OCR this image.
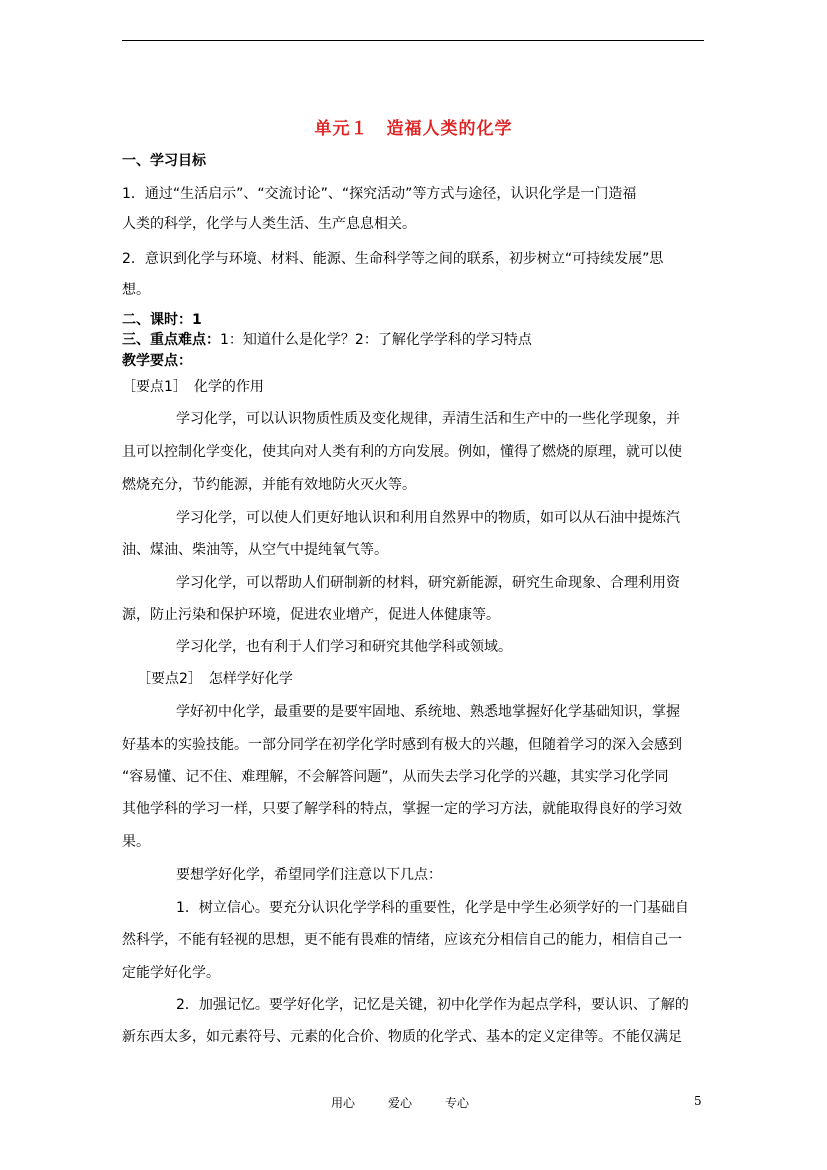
单元１　造福人类的化学
一、学习目标
1．通过“生活启示”、“交流讨论”、“探究活动”等方式与途径，认识化学是一门造福
人类的科学，化学与人类生活、生产息息相关。
2．意识到化学与环境、材料、能源、生命科学等之间的联系，初步树立“可持续发展”思
想。
二、课时：1
三、重点难点：1：知道什么是化学？2：了解化学学科的学习特点
教学要点：
［要点1］　化学的作用
学习化学，可以认识物质性质及变化规律，弄清生活和生产中的一些化学现象，并
且可以控制化学变化，使其向对人类有利的方向发展。例如，懂得了燃烧的原理，就可以使
燃烧充分，节约能源，并能有效地防火灭火等。
学习化学，可以使人们更好地认识和利用自然界中的物质，如可以从石油中提炼汽
油、煤油、柴油等，从空气中提纯氧气等。
学习化学，可以帮助人们研制新的材料，研究新能源，研究生命现象、合理利用资
源，防止污染和保护环境，促进农业增产，促进人体健康等。
学习化学，也有利于人们学习和研究其他学科或领域。
［要点2］　怎样学好化学
学好初中化学，最重要的是要牢固地、系统地、熟悉地掌握好化学基础知识，掌握
好基本的实验技能。一部分同学在初学化学时感到有极大的兴趣，但随着学习的深入会感到
“容易懂、记不住、难理解，不会解答问题”，从而失去学习化学的兴趣，其实学习化学同
其他学科的学习一样，只要了解学科的特点，掌握一定的学习方法，就能取得良好的学习效
果。
要想学好化学，希望同学们注意以下几点：
1．树立信心。要充分认识化学学科的重要性，化学是中学生必须学好的一门基础自
然科学，不能有轻视的思想，更不能有畏难的情绪，应该充分相信自己的能力，相信自己一
定能学好化学。
2．加强记忆。要学好化学，记忆是关键，初中化学作为起点学科，要认识、了解的
新东西太多，如元素符号、元素的化合价、物质的化学式、基本的定义定律等。不能仅满足
用心	爱心	专心	5
